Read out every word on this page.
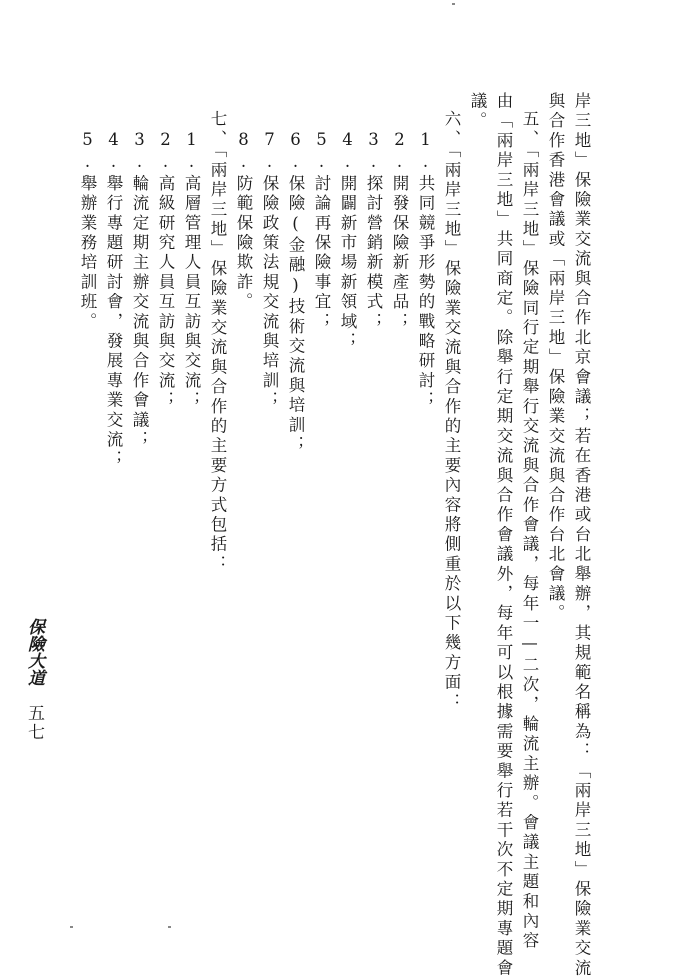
岸三地」保險業交流與合作北京會議；若在香港或台北舉辦，其規範名稱為：「兩岸三地」保險業交流
與合作香港會議或「兩岸三地」保險業交流與合作台北會議。
五、「兩岸三地」保險同行定期舉行交流與合作會議，每年一—二次，輪流主辦。會議主題和內容
由「兩岸三地」共同商定。除舉行定期交流與合作會議外，每年可以根據需要舉行若干次不定期專題會
議。
六、「兩岸三地」保險業交流與合作的主要內容將側重於以下幾方面：
1.共同競爭形勢的戰略研討；
2.開發保險新產品；
3.探討營銷新模式；
4.開闢新市場新領域；
5.討論再保險事宜；
6.保險(金融)技術交流與培訓；
7.保險政策法規交流與培訓；
8.防範保險欺詐。
七、「兩岸三地」保險業交流與合作的主要方式包括：
1.高層管理人員互訪與交流；
2.高級研究人員互訪與交流；
3.輪流定期主辦交流與合作會議；
4.舉行專題研討會，發展專業交流；
5.舉辦業務培訓班。
保險大道五七
